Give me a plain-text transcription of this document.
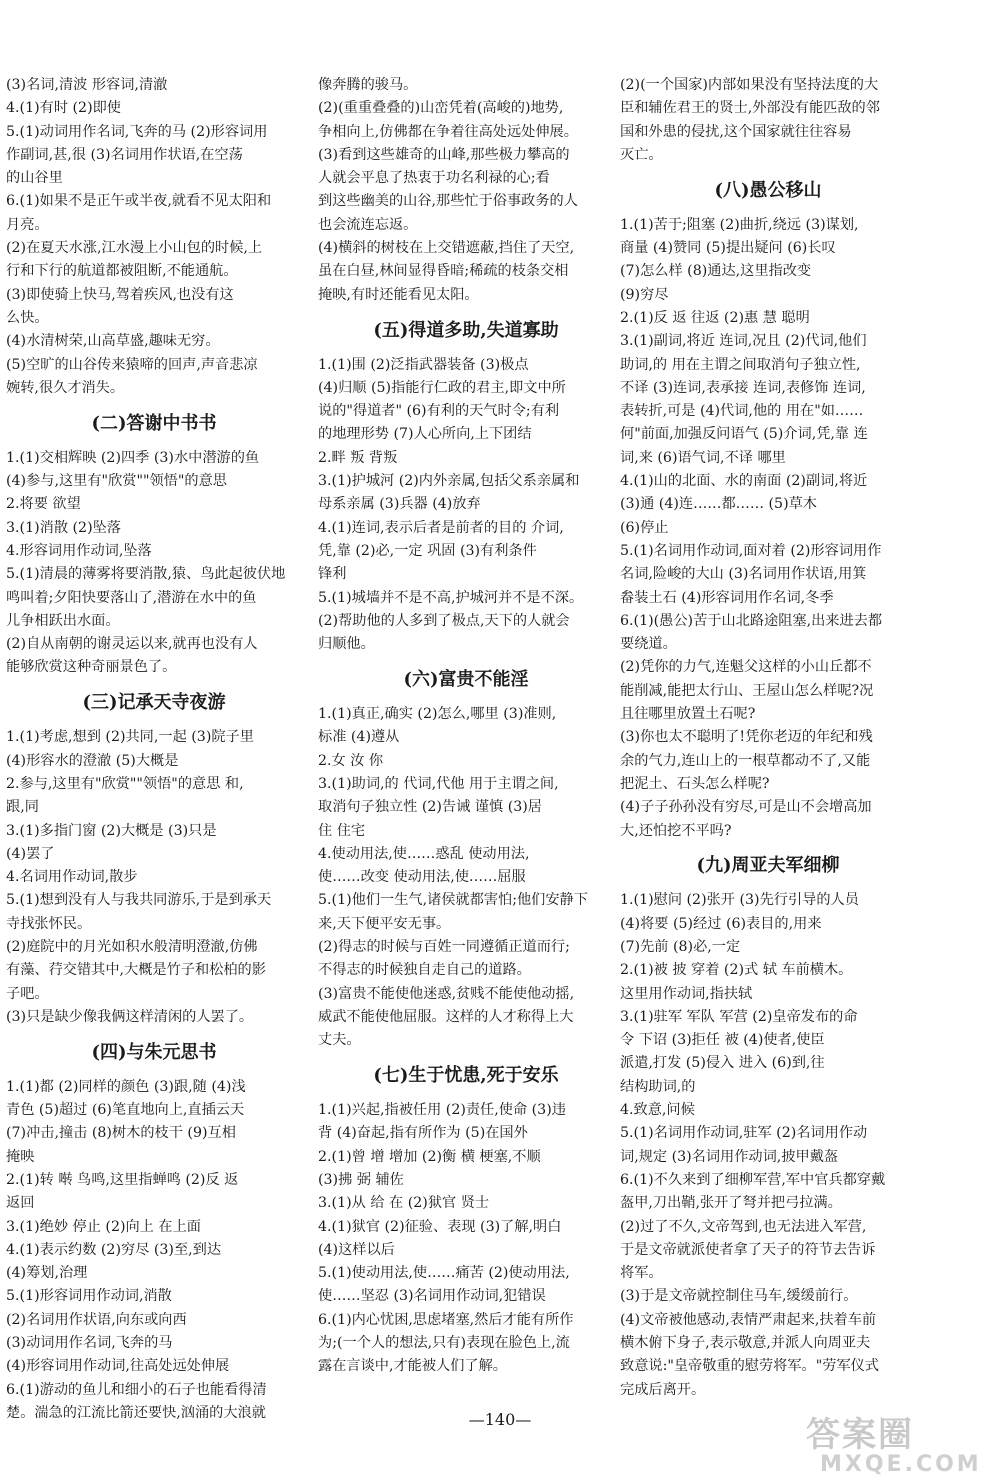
(3)名词,清波 形容词,清澈
4.(1)有时 (2)即使
5.(1)动词用作名词,飞奔的马 (2)形容词用
作副词,甚,很 (3)名词用作状语,在空荡
的山谷里
6.(1)如果不是正午或半夜,就看不见太阳和
月亮。
(2)在夏天水涨,江水漫上小山包的时候,上
行和下行的航道都被阻断,不能通航。
(3)即使骑上快马,驾着疾风,也没有这
么快。
(4)水清树荣,山高草盛,趣味无穷。
(5)空旷的山谷传来猿啼的回声,声音悲凉
婉转,很久才消失。
(二)答谢中书书
1.(1)交相辉映 (2)四季 (3)水中潜游的鱼
(4)参与,这里有"欣赏""领悟"的意思
2.将要 欲望
3.(1)消散 (2)坠落
4.形容词用作动词,坠落
5.(1)清晨的薄雾将要消散,猿、鸟此起彼伏地
鸣叫着;夕阳快要落山了,潜游在水中的鱼
儿争相跃出水面。
(2)自从南朝的谢灵运以来,就再也没有人
能够欣赏这种奇丽景色了。
(三)记承天寺夜游
1.(1)考虑,想到 (2)共同,一起 (3)院子里
(4)形容水的澄澈 (5)大概是
2.参与,这里有"欣赏""领悟"的意思 和,
跟,同
3.(1)多指门窗 (2)大概是 (3)只是
(4)罢了
4.名词用作动词,散步
5.(1)想到没有人与我共同游乐,于是到承天
寺找张怀民。
(2)庭院中的月光如积水般清明澄澈,仿佛
有藻、荇交错其中,大概是竹子和松柏的影
子吧。
(3)只是缺少像我俩这样清闲的人罢了。
(四)与朱元思书
1.(1)都 (2)同样的颜色 (3)跟,随 (4)浅
青色 (5)超过 (6)笔直地向上,直插云天
(7)冲击,撞击 (8)树木的枝干 (9)互相
掩映
2.(1)转 啭 鸟鸣,这里指蝉鸣 (2)反 返
返回
3.(1)绝妙 停止 (2)向上 在上面
4.(1)表示约数 (2)穷尽 (3)至,到达
(4)筹划,治理
5.(1)形容词用作动词,消散
(2)名词用作状语,向东或向西
(3)动词用作名词,飞奔的马
(4)形容词用作动词,往高处远处伸展
6.(1)游动的鱼儿和细小的石子也能看得清
楚。湍急的江流比箭还要快,汹涌的大浪就
像奔腾的骏马。
(2)(重重叠叠的)山峦凭着(高峻的)地势,
争相向上,仿佛都在争着往高处远处伸展。
(3)看到这些雄奇的山峰,那些极力攀高的
人就会平息了热衷于功名利禄的心;看
到这些幽美的山谷,那些忙于俗事政务的人
也会流连忘返。
(4)横斜的树枝在上交错遮蔽,挡住了天空,
虽在白昼,林间显得昏暗;稀疏的枝条交相
掩映,有时还能看见太阳。
(五)得道多助,失道寡助
1.(1)围 (2)泛指武器装备 (3)极点
(4)归顺 (5)指能行仁政的君主,即文中所
说的"得道者" (6)有利的天气时令;有利
的地理形势 (7)人心所向,上下团结
2.畔 叛 背叛
3.(1)护城河 (2)内外亲属,包括父系亲属和
母系亲属 (3)兵器 (4)放弃
4.(1)连词,表示后者是前者的目的 介词,
凭,靠 (2)必,一定 巩固 (3)有利条件
锋利
5.(1)城墙并不是不高,护城河并不是不深。
(2)帮助他的人多到了极点,天下的人就会
归顺他。
(六)富贵不能淫
1.(1)真正,确实 (2)怎么,哪里 (3)准则,
标准 (4)遵从
2.女 汝 你
3.(1)助词,的 代词,代他 用于主谓之间,
取消句子独立性 (2)告诫 谨慎 (3)居
住 住宅
4.使动用法,使……惑乱 使动用法,
使……改变 使动用法,使……屈服
5.(1)他们一生气,诸侯就都害怕;他们安静下
来,天下便平安无事。
(2)得志的时候与百姓一同遵循正道而行;
不得志的时候独自走自己的道路。
(3)富贵不能使他迷惑,贫贱不能使他动摇,
威武不能使他屈服。这样的人才称得上大
丈夫。
(七)生于忧患,死于安乐
1.(1)兴起,指被任用 (2)责任,使命 (3)违
背 (4)奋起,指有所作为 (5)在国外
2.(1)曾 增 增加 (2)衡 横 梗塞,不顺
(3)拂 弼 辅佐
3.(1)从 给 在 (2)狱官 贤士
4.(1)狱官 (2)征验、表现 (3)了解,明白
(4)这样以后
5.(1)使动用法,使……痛苦 (2)使动用法,
使……坚忍 (3)名词用作动词,犯错误
6.(1)内心忧困,思虑堵塞,然后才能有所作
为;(一个人的想法,只有)表现在脸色上,流
露在言谈中,才能被人们了解。
(2)(一个国家)内部如果没有坚持法度的大
臣和辅佐君王的贤士,外部没有能匹敌的邻
国和外患的侵扰,这个国家就往往容易
灭亡。
(八)愚公移山
1.(1)苦于;阻塞 (2)曲折,绕远 (3)谋划,
商量 (4)赞同 (5)提出疑问 (6)长叹
(7)怎么样 (8)通达,这里指改变
(9)穷尽
2.(1)反 返 往返 (2)惠 慧 聪明
3.(1)副词,将近 连词,况且 (2)代词,他们
助词,的 用在主谓之间取消句子独立性,
不译 (3)连词,表承接 连词,表修饰 连词,
表转折,可是 (4)代词,他的 用在"如……
何"前面,加强反问语气 (5)介词,凭,靠 连
词,来 (6)语气词,不译 哪里
4.(1)山的北面、水的南面 (2)副词,将近
(3)通 (4)连……都…… (5)草木
(6)停止
5.(1)名词用作动词,面对着 (2)形容词用作
名词,险峻的大山 (3)名词用作状语,用箕
畚装土石 (4)形容词用作名词,冬季
6.(1)(愚公)苦于山北路途阻塞,出来进去都
要绕道。
(2)凭你的力气,连魁父这样的小山丘都不
能削减,能把太行山、王屋山怎么样呢?况
且往哪里放置土石呢?
(3)你也太不聪明了!凭你老迈的年纪和残
余的气力,连山上的一根草都动不了,又能
把泥土、石头怎么样呢?
(4)子子孙孙没有穷尽,可是山不会增高加
大,还怕挖不平吗?
(九)周亚夫军细柳
1.(1)慰问 (2)张开 (3)先行引导的人员
(4)将要 (5)经过 (6)表目的,用来
(7)先前 (8)必,一定
2.(1)被 披 穿着 (2)式 轼 车前横木。
这里用作动词,指扶轼
3.(1)驻军 军队 军营 (2)皇帝发布的命
令 下诏 (3)拒任 被 (4)使者,使臣
派遣,打发 (5)侵入 进入 (6)到,往
结构助词,的
4.致意,问候
5.(1)名词用作动词,驻军 (2)名词用作动
词,规定 (3)名词用作动词,披甲戴盔
6.(1)不久来到了细柳军营,军中官兵都穿戴
盔甲,刀出鞘,张开了弩并把弓拉满。
(2)过了不久,文帝驾到,也无法进入军营,
于是文帝就派使者拿了天子的符节去告诉
将军。
(3)于是文帝就控制住马车,缓缓前行。
(4)文帝被他感动,表情严肃起来,扶着车前
横木俯下身子,表示敬意,并派人向周亚夫
致意说:"皇帝敬重的慰劳将军。"劳军仪式
完成后离开。
—140—	答案圈
MXQE.COM
